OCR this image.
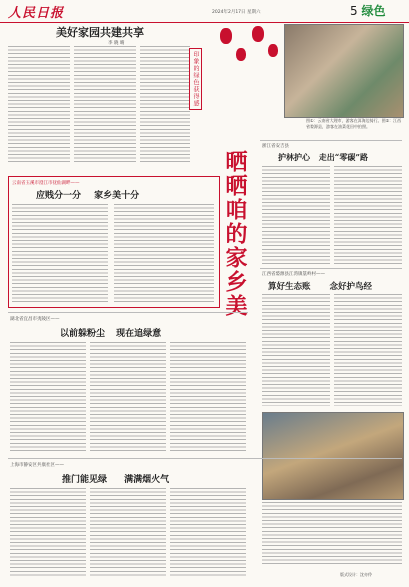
人民日报	2024年2月17日 星期六	5 绿色
美好家园共建共享
李 晓 晴
印象的绿色获得感
晒晒咱的家乡美
图①：云南省大理市，游客在洱海边骑行。图②：江西省婺源县，游客在油菜花田中拍照。
浙江省安吉县
护林护心 走出“零碳”路
云南省玉溪市澄江市抚仙湖畔——
应贱分一分 家乡美十分
江西省婺源县江湾镇篁岭村——
算好生态账 念好护鸟经
湖北省宜昌市夷陵区——
以前躲粉尘 现在追绿意
上海市静安区共康社区——
推门能见绿 满满烟火气
版式设计：沈亦伶
